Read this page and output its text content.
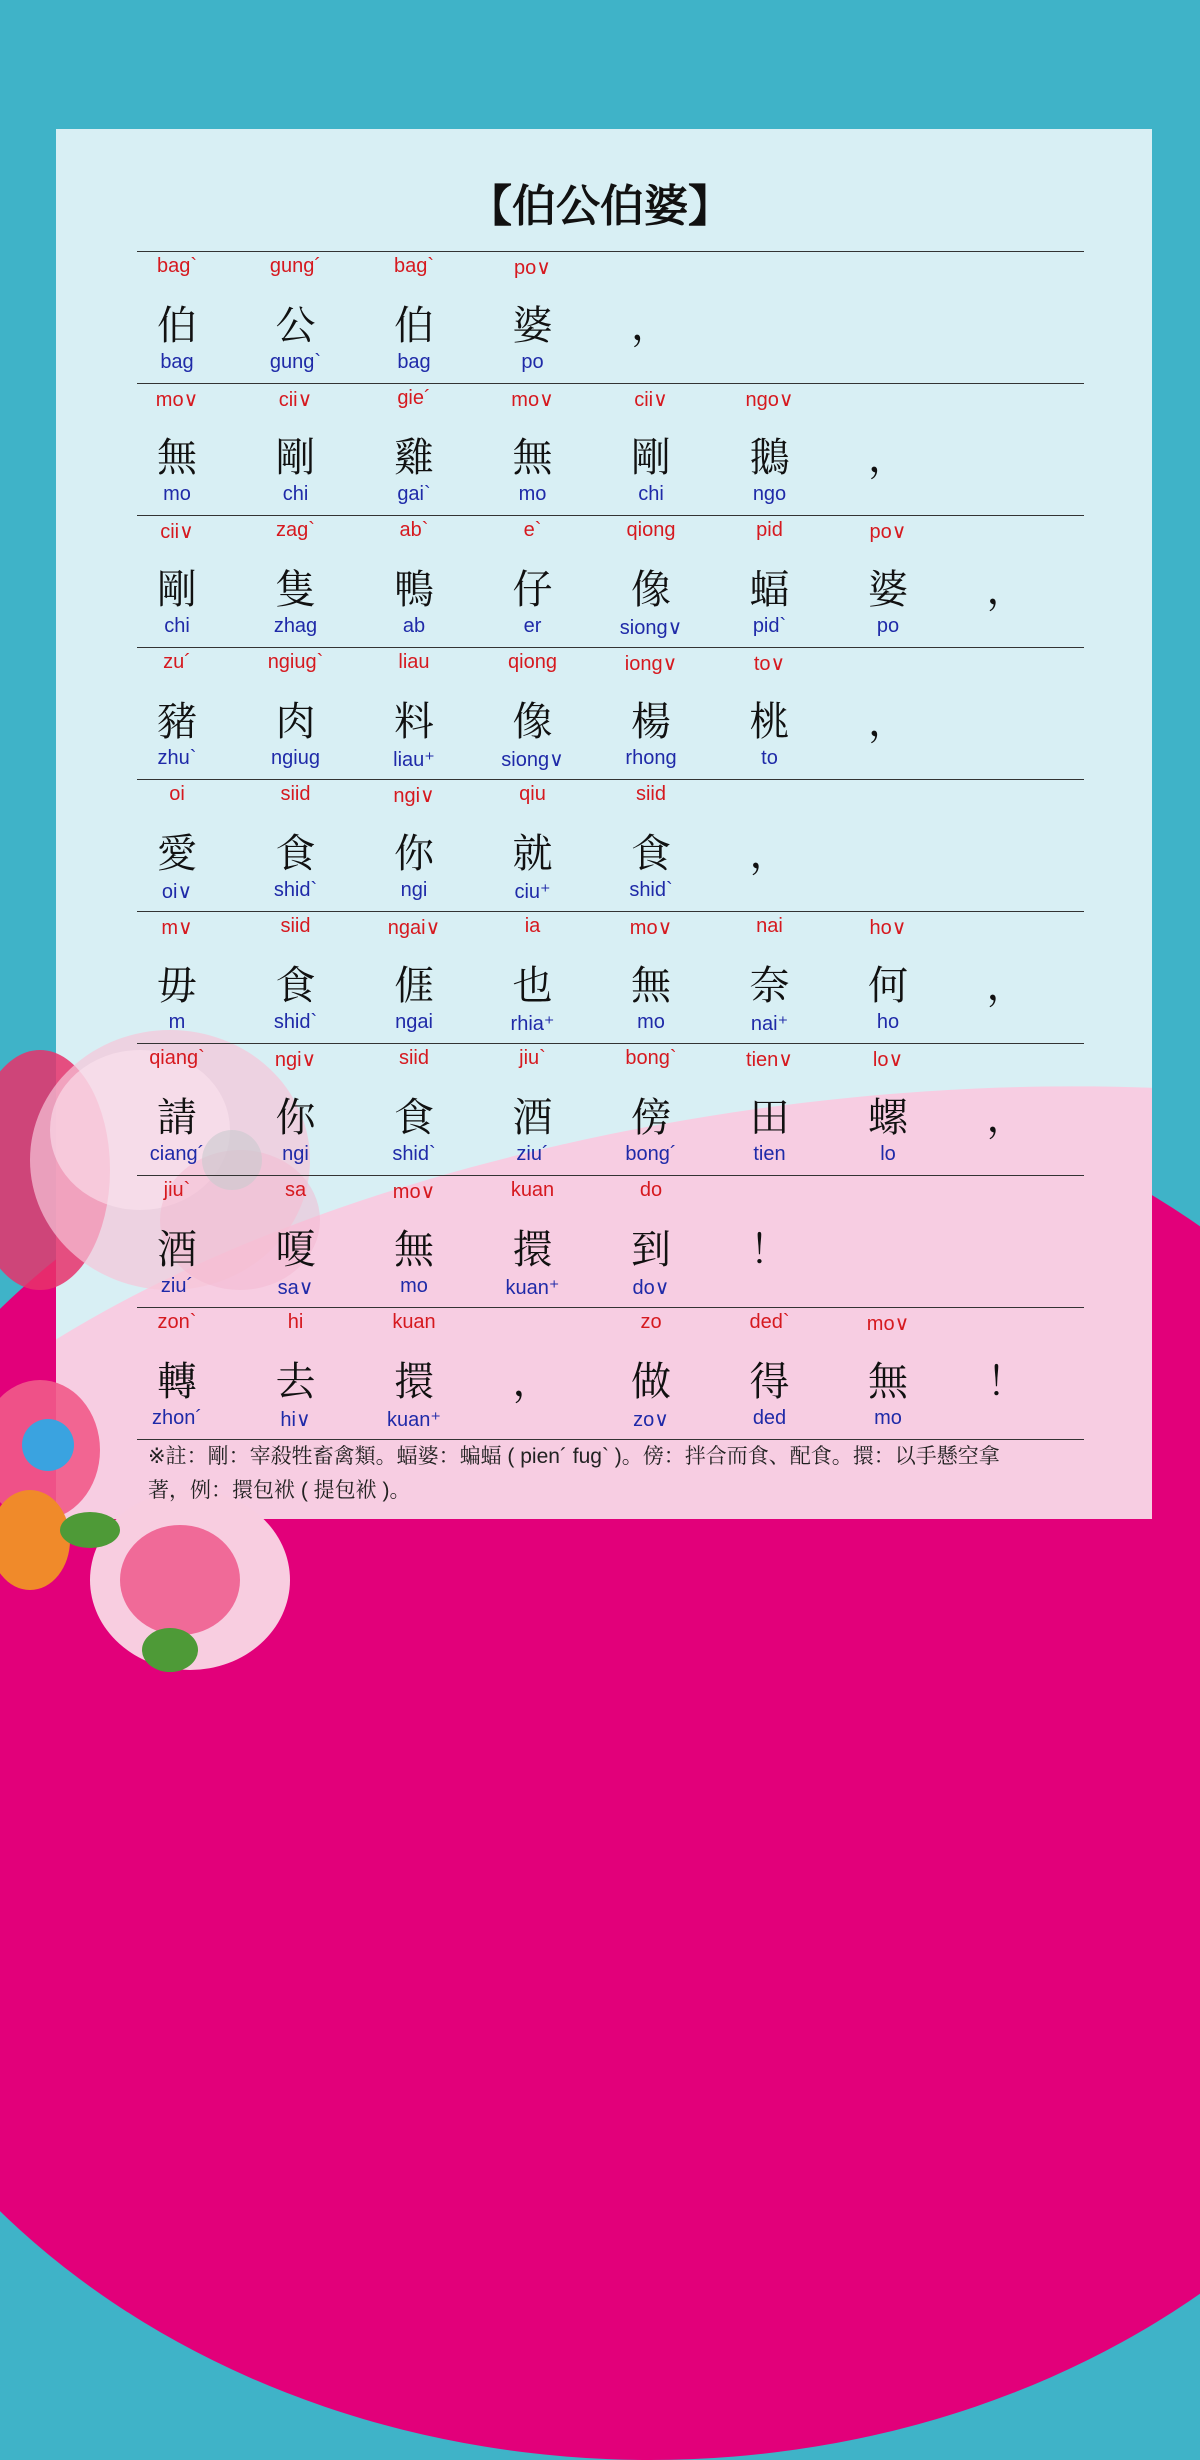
【伯公伯婆】
bag`
伯
bag
gung´
公
gung`
bag`
伯
bag
po∨
婆
po
，
mo∨
無
mo
cii∨
剛
chi
gie´
雞
gai`
mo∨
無
mo
cii∨
剛
chi
ngo∨
鵝
ngo
，
cii∨
剛
chi
zag`
隻
zhag
ab`
鴨
ab
e`
仔
er
qiong
像
siong∨
pid
蝠
pid`
po∨
婆
po
，
zu´
豬
zhu`
ngiug`
肉
ngiug
liau
料
liau⁺
qiong
像
siong∨
iong∨
楊
rhong
to∨
桃
to
，
oi
愛
oi∨
siid
食
shid`
ngi∨
你
ngi
qiu
就
ciu⁺
siid
食
shid`
，
m∨
毋
m
siid
食
shid`
ngai∨
𠊎
ngai
ia
也
rhia⁺
mo∨
無
mo
nai
奈
nai⁺
ho∨
何
ho
，
qiang`
請
ciang´
ngi∨
你
ngi
siid
食
shid`
jiu`
酒
ziu´
bong`
傍
bong´
tien∨
田
tien
lo∨
螺
lo
，
jiu`
酒
ziu´
sa
嗄
sa∨
mo∨
無
mo
kuan
擐
kuan⁺
do
到
do∨
！
zon`
轉
zhon´
hi
去
hi∨
kuan
擐
kuan⁺
，
zo
做
zo∨
ded`
得
ded
mo∨
無
mo
！
※註：剛：宰殺牲畜禽類。蝠婆：蝙蝠 ( pien´ fug` )。傍：拌合而食、配食。擐：以手懸空拿
著，例：擐包袱 ( 提包袱 )。
